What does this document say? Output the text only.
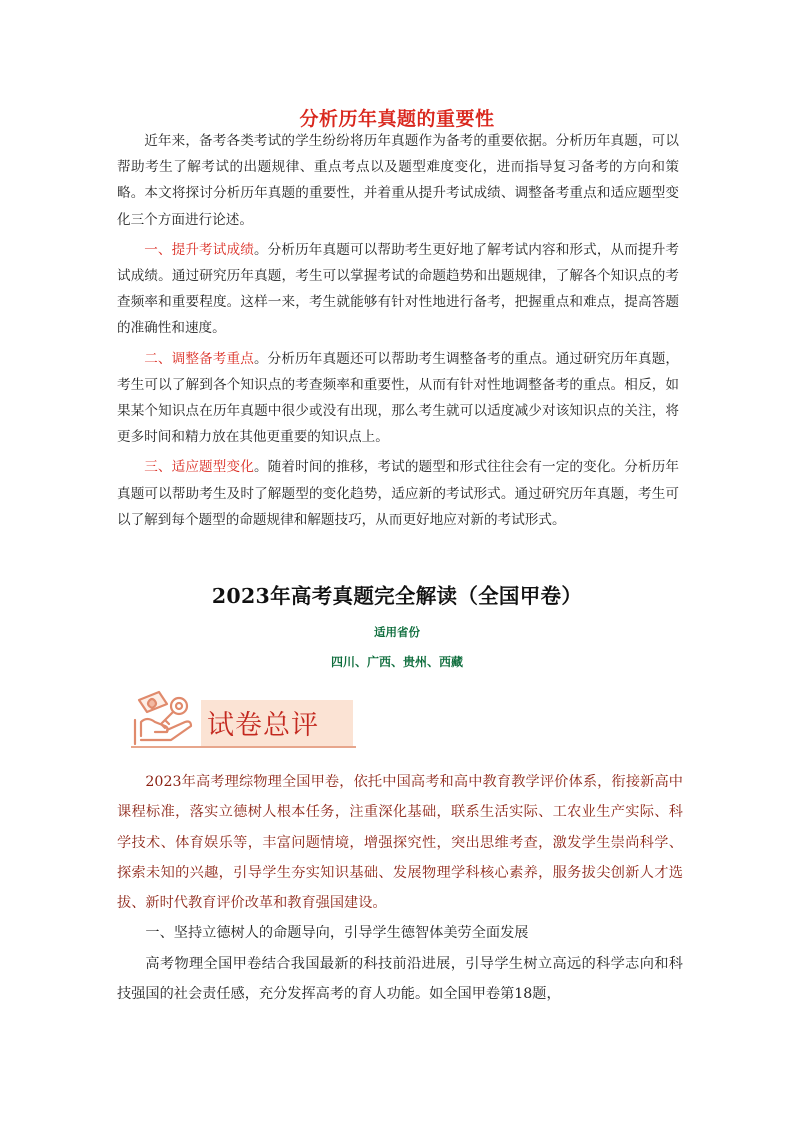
分析历年真题的重要性

近年来，备考各类考试的学生纷纷将历年真题作为备考的重要依据。分析历年真题，可以帮助考生了解考试的出题规律、重点考点以及题型难度变化，进而指导复习备考的方向和策略。本文将探讨分析历年真题的重要性，并着重从提升考试成绩、调整备考重点和适应题型变化三个方面进行论述。

一、提升考试成绩。分析历年真题可以帮助考生更好地了解考试内容和形式，从而提升考试成绩。通过研究历年真题，考生可以掌握考试的命题趋势和出题规律，了解各个知识点的考查频率和重要程度。这样一来，考生就能够有针对性地进行备考，把握重点和难点，提高答题的准确性和速度。

二、调整备考重点。分析历年真题还可以帮助考生调整备考的重点。通过研究历年真题，考生可以了解到各个知识点的考查频率和重要性，从而有针对性地调整备考的重点。相反，如果某个知识点在历年真题中很少或没有出现，那么考生就可以适度减少对该知识点的关注，将更多时间和精力放在其他更重要的知识点上。

三、适应题型变化。随着时间的推移，考试的题型和形式往往会有一定的变化。分析历年真题可以帮助考生及时了解题型的变化趋势，适应新的考试形式。通过研究历年真题，考生可以了解到每个题型的命题规律和解题技巧，从而更好地应对新的考试形式。

2023年高考真题完全解读（全国甲卷）
适用省份
四川、广西、贵州、西藏
试卷总评

2023年高考理综物理全国甲卷，依托中国高考和高中教育教学评价体系，衔接新高中课程标准，落实立德树人根本任务，注重深化基础，联系生活实际、工农业生产实际、科学技术、体育娱乐等，丰富问题情境，增强探究性，突出思维考查，激发学生崇尚科学、探索未知的兴趣，引导学生夯实知识基础、发展物理学科核心素养，服务拔尖创新人才选拔、新时代教育评价改革和教育强国建设。

一、坚持立德树人的命题导向，引导学生德智体美劳全面发展

高考物理全国甲卷结合我国最新的科技前沿进展，引导学生树立高远的科学志向和科技强国的社会责任感，充分发挥高考的育人功能。如全国甲卷第18题，
